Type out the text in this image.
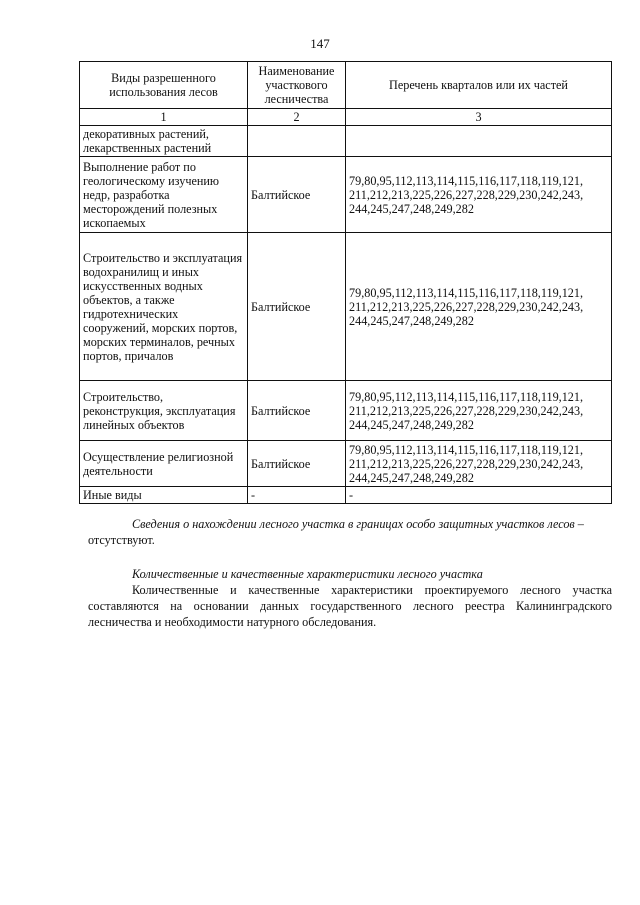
147
Виды разрешенного использования лесов	Наименование участкового лесничества	Перечень кварталов или их частей
1	2	3
декоративных растений, лекарственных растений		
Выполнение работ по геологическому изучению недр, разработка месторождений полезных ископаемых	Балтийское	79,80,95,112,113,114,115,116,117,118,119,121, 211,212,213,225,226,227,228,229,230,242,243, 244,245,247,248,249,282
Строительство и эксплуатация водохранилищ и иных искусственных водных объектов, а также гидротехнических сооружений, морских портов, морских терминалов, речных портов, причалов	Балтийское	79,80,95,112,113,114,115,116,117,118,119,121, 211,212,213,225,226,227,228,229,230,242,243, 244,245,247,248,249,282
Строительство, реконструкция, эксплуатация линейных объектов	Балтийское	79,80,95,112,113,114,115,116,117,118,119,121, 211,212,213,225,226,227,228,229,230,242,243, 244,245,247,248,249,282
Осуществление религиозной деятельности	Балтийское	79,80,95,112,113,114,115,116,117,118,119,121, 211,212,213,225,226,227,228,229,230,242,243, 244,245,247,248,249,282
Иные виды	-	-

Сведения о нахождении лесного участка в границах особо защитных участков лесов – отсутствуют.

Количественные и качественные характеристики лесного участка

Количественные и качественные характеристики проектируемого лесного участка составляются на основании данных государственного лесного реестра Калининградского лесничества и необходимости натурного обследования.
